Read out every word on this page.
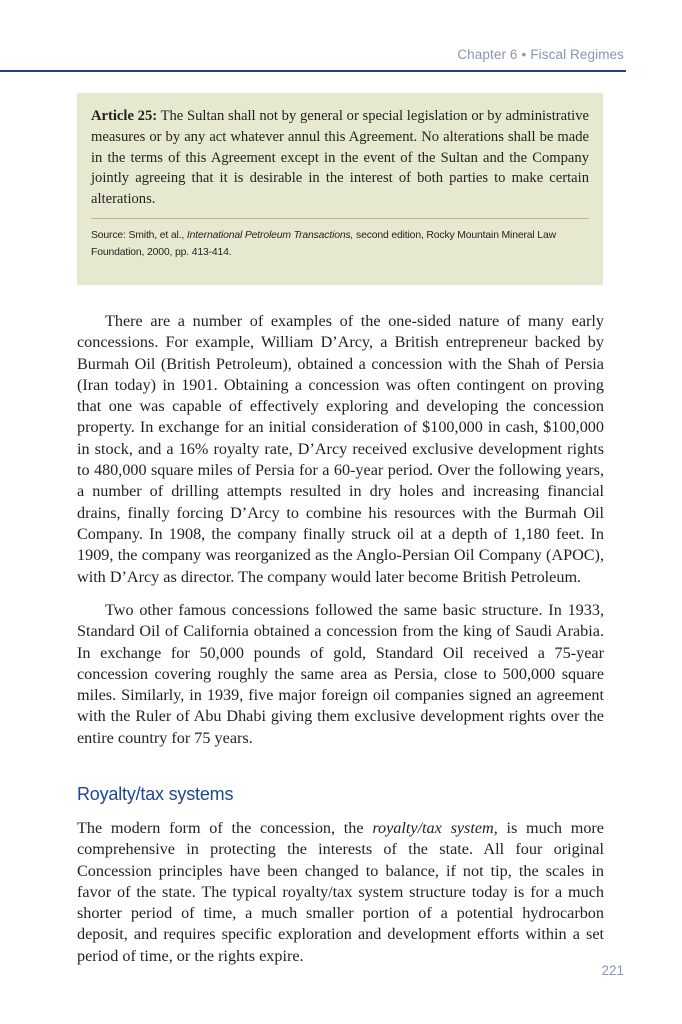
Chapter 6 • Fiscal Regimes

Article 25: The Sultan shall not by general or special legislation or by administrative measures or by any act whatever annul this Agreement. No alterations shall be made in the terms of this Agreement except in the event of the Sultan and the Company jointly agreeing that it is desirable in the interest of both parties to make certain alterations.

Source: Smith, et al., International Petroleum Transactions, second edition, Rocky Mountain Mineral Law Foundation, 2000, pp. 413-414.

There are a number of examples of the one-sided nature of many early concessions. For example, William D’Arcy, a British entrepreneur backed by Burmah Oil (British Petroleum), obtained a concession with the Shah of Persia (Iran today) in 1901. Obtaining a concession was often contingent on proving that one was capable of effectively exploring and developing the concession property. In exchange for an initial consideration of $100,000 in cash, $100,000 in stock, and a 16% royalty rate, D’Arcy received exclusive development rights to 480,000 square miles of Persia for a 60-year period. Over the following years, a number of drilling attempts resulted in dry holes and increasing financial drains, finally forcing D’Arcy to combine his resources with the Burmah Oil Company. In 1908, the company finally struck oil at a depth of 1,180 feet. In 1909, the company was reorganized as the Anglo-Persian Oil Company (APOC), with D’Arcy as director. The company would later become British Petroleum.

Two other famous concessions followed the same basic structure. In 1933, Standard Oil of California obtained a concession from the king of Saudi Arabia. In exchange for 50,000 pounds of gold, Standard Oil received a 75-year concession covering roughly the same area as Persia, close to 500,000 square miles. Similarly, in 1939, five major foreign oil companies signed an agreement with the Ruler of Abu Dhabi giving them exclusive development rights over the entire country for 75 years.

Royalty/tax systems

The modern form of the concession, the royalty/tax system, is much more comprehensive in protecting the interests of the state. All four original Concession principles have been changed to balance, if not tip, the scales in favor of the state. The typical royalty/tax system structure today is for a much shorter period of time, a much smaller portion of a potential hydrocarbon deposit, and requires specific exploration and development efforts within a set period of time, or the rights expire.

221
